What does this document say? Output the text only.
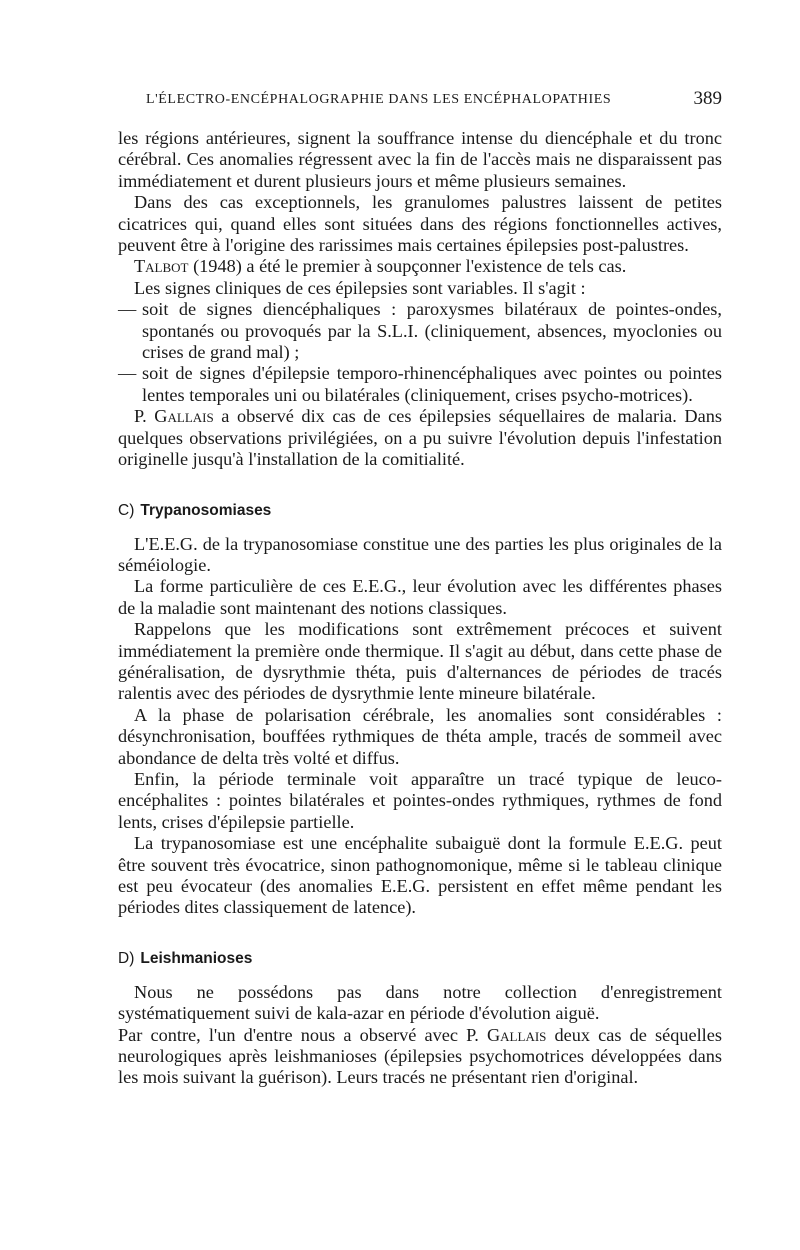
L'ÉLECTRO-ENCÉPHALOGRAPHIE DANS LES ENCÉPHALOPATHIES	389

les régions antérieures, signent la souffrance intense du diencéphale et du tronc cérébral. Ces anomalies régressent avec la fin de l'accès mais ne disparaissent pas immédiatement et durent plusieurs jours et même plusieurs semaines.

Dans des cas exceptionnels, les granulomes palustres laissent de petites cicatrices qui, quand elles sont situées dans des régions fonctionnelles actives, peuvent être à l'origine des rarissimes mais certaines épilepsies post-palustres.

Talbot (1948) a été le premier à soupçonner l'existence de tels cas.

Les signes cliniques de ces épilepsies sont variables. Il s'agit :

— soit de signes diencéphaliques : paroxysmes bilatéraux de pointes-ondes, spontanés ou provoqués par la S.L.I. (cliniquement, absences, myoclonies ou crises de grand mal) ;
— soit de signes d'épilepsie temporo-rhinencéphaliques avec pointes ou pointes lentes temporales uni ou bilatérales (cliniquement, crises psycho-motrices).

P. Gallais a observé dix cas de ces épilepsies séquellaires de malaria. Dans quelques observations privilégiées, on a pu suivre l'évolution depuis l'infestation originelle jusqu'à l'installation de la comitialité.

C) Trypanosomiases

L'E.E.G. de la trypanosomiase constitue une des parties les plus originales de la séméiologie.

La forme particulière de ces E.E.G., leur évolution avec les différentes phases de la maladie sont maintenant des notions classiques.

Rappelons que les modifications sont extrêmement précoces et suivent immédiatement la première onde thermique. Il s'agit au début, dans cette phase de généralisation, de dysrythmie théta, puis d'alternances de périodes de tracés ralentis avec des périodes de dysrythmie lente mineure bilatérale.

A la phase de polarisation cérébrale, les anomalies sont considérables : désynchronisation, bouffées rythmiques de théta ample, tracés de sommeil avec abondance de delta très volté et diffus.

Enfin, la période terminale voit apparaître un tracé typique de leuco-encéphalites : pointes bilatérales et pointes-ondes rythmiques, rythmes de fond lents, crises d'épilepsie partielle.

La trypanosomiase est une encéphalite subaiguë dont la formule E.E.G. peut être souvent très évocatrice, sinon pathognomonique, même si le tableau clinique est peu évocateur (des anomalies E.E.G. persistent en effet même pendant les périodes dites classiquement de latence).

D) Leishmanioses

Nous ne possédons pas dans notre collection d'enregistrement systématiquement suivi de kala-azar en période d'évolution aiguë.

Par contre, l'un d'entre nous a observé avec P. Gallais deux cas de séquelles neurologiques après leishmanioses (épilepsies psychomotrices développées dans les mois suivant la guérison). Leurs tracés ne présentant rien d'original.
